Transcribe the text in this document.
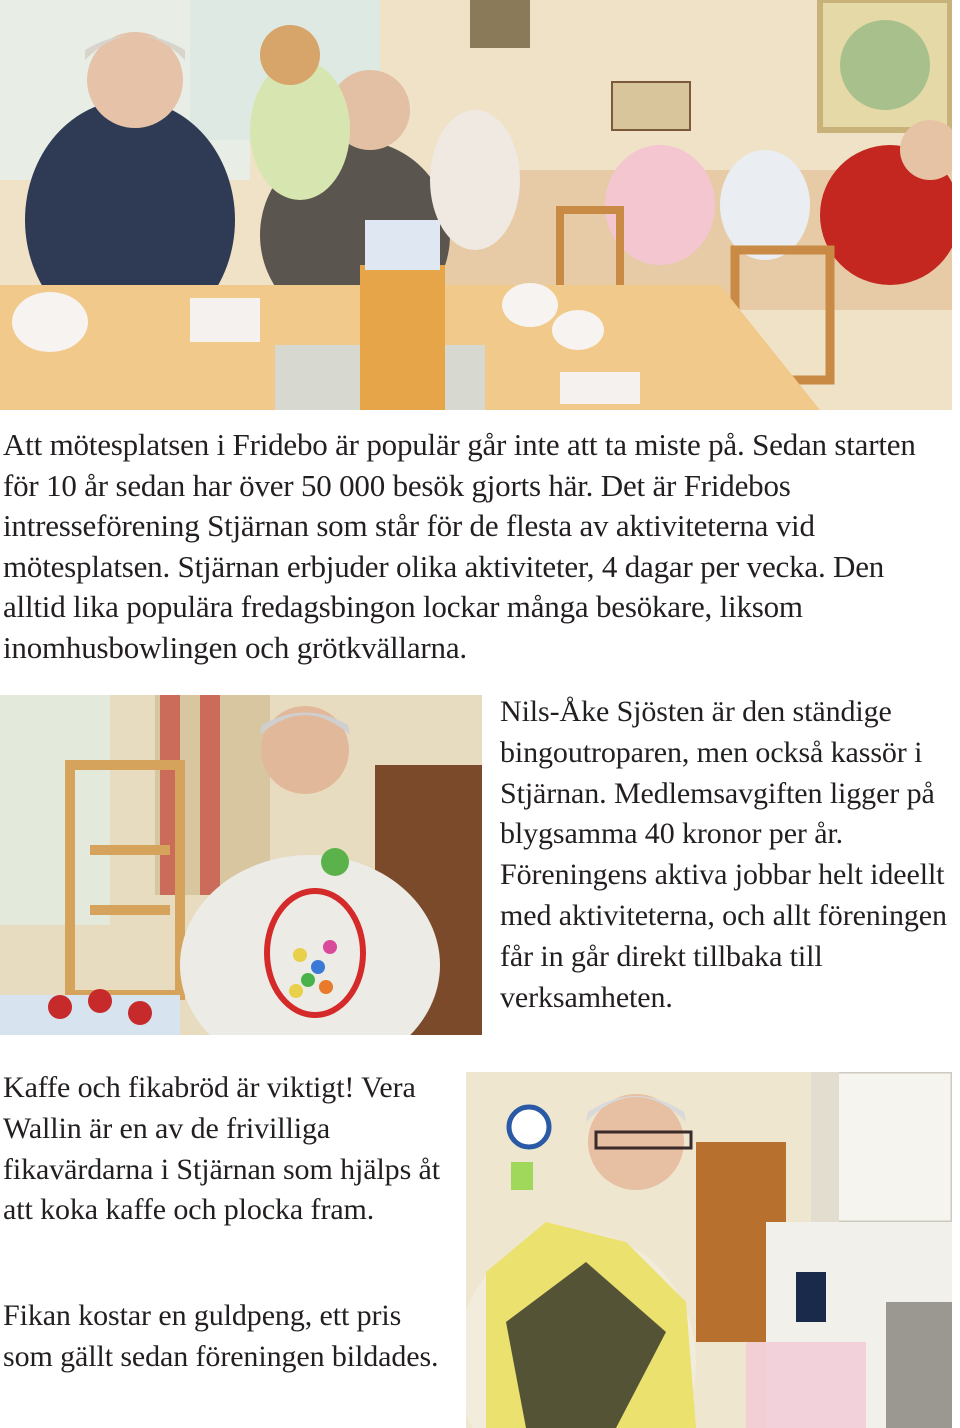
Att mötesplatsen i Fridebo är populär går inte att ta miste på. Sedan starten för 10 år sedan har över 50 000 besök gjorts här. Det är Fridebos intresseförening Stjärnan som står för de flesta av aktiviteterna vid mötesplatsen. Stjärnan erbjuder olika aktiviteter, 4 dagar per vecka. Den alltid lika populära fredagsbingon lockar många besökare, liksom inomhusbowlingen och grötkvällarna.

Nils-Åke Sjösten är den ständige bingoutroparen, men också kassör i Stjärnan. Medlemsavgiften ligger på blygsamma 40 kronor per år. Föreningens aktiva jobbar helt ideellt med aktiviteterna, och allt föreningen får in går direkt tillbaka till verksamheten.

Kaffe och fikabröd är viktigt! Vera Wallin är en av de frivilliga fikavärdarna i Stjärnan som hjälps åt att koka kaffe och plocka fram.

Fikan kostar en guldpeng, ett pris som gällt sedan föreningen bildades.
